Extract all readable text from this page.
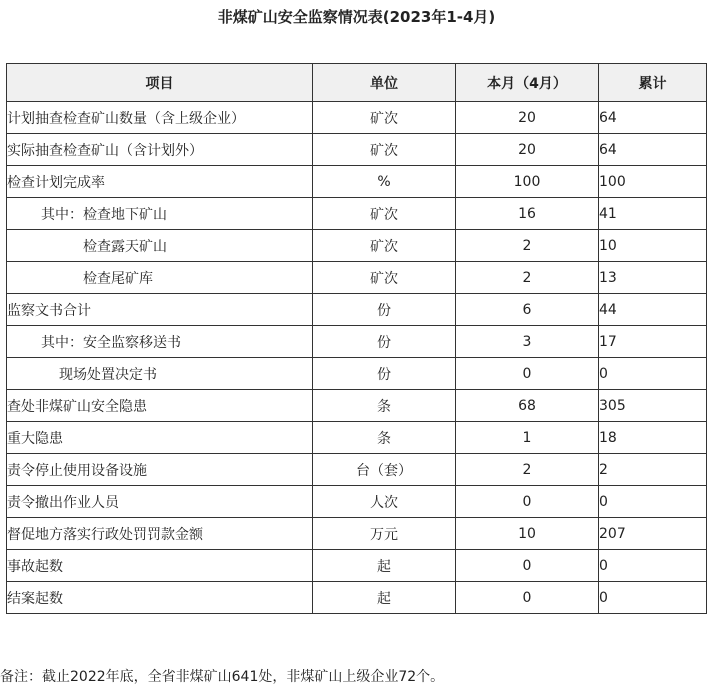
非煤矿山安全监察情况表(2023年1-4月)
项目	单位	本月（4月）	累计
计划抽查检查矿山数量（含上级企业）	矿次	20	64
实际抽查检查矿山（含计划外）	矿次	20	64
检查计划完成率	%	100	100
其中：检查地下矿山	矿次	16	41
检查露天矿山	矿次	2	10
检查尾矿库	矿次	2	13
监察文书合计	份	6	44
其中：安全监察移送书	份	3	17
现场处置决定书	份	0	0
查处非煤矿山安全隐患	条	68	305
重大隐患	条	1	18
责令停止使用设备设施	台（套）	2	2
责令撤出作业人员	人次	0	0
督促地方落实行政处罚罚款金额	万元	10	207
事故起数	起	0	0
结案起数	起	0	0
备注：截止2022年底，全省非煤矿山641处，非煤矿山上级企业72个。
